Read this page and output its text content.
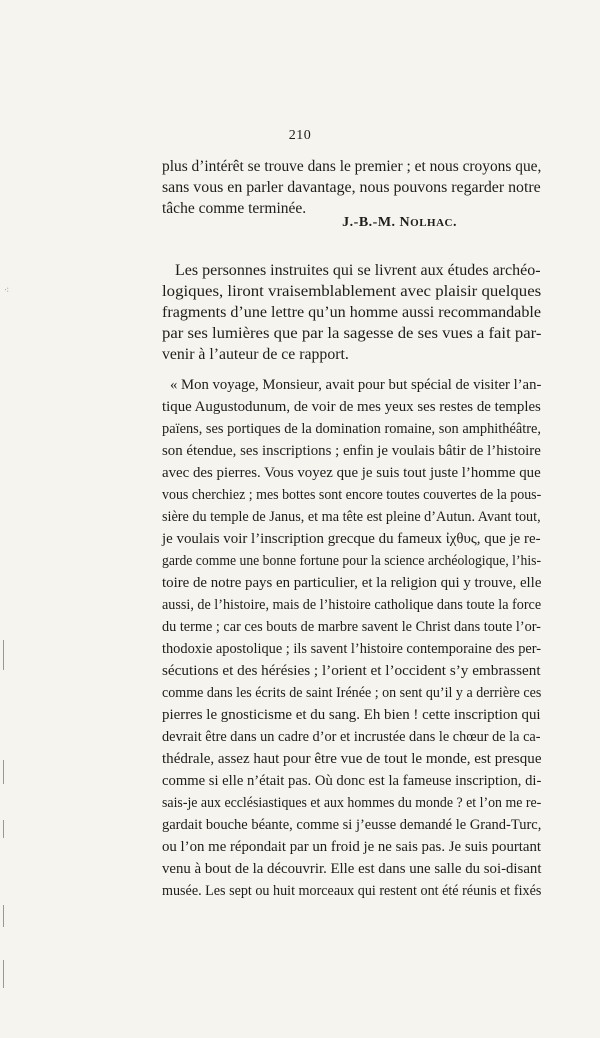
210
plus d’intérêt se trouve dans le premier ; et nous croyons que,
sans vous en parler davantage, nous pouvons regarder notre
tâche comme terminée.
J.-B.-M. NOLHAC.
Les personnes instruites qui se livrent aux études archéo-
logiques, liront vraisemblablement avec plaisir quelques
fragments d’une lettre qu’un homme aussi recommandable
par ses lumières que par la sagesse de ses vues a fait par-
venir à l’auteur de ce rapport.
« Mon voyage, Monsieur, avait pour but spécial de visiter l’an-
tique Augustodunum, de voir de mes yeux ses restes de temples
païens, ses portiques de la domination romaine, son amphithéâtre,
son étendue, ses inscriptions ; enfin je voulais bâtir de l’histoire
avec des pierres. Vous voyez que je suis tout juste l’homme que
vous cherchiez ; mes bottes sont encore toutes couvertes de la pous-
sière du temple de Janus, et ma tête est pleine d’Autun. Avant tout,
je voulais voir l’inscription grecque du fameux ἰχθυς, que je re-
garde comme une bonne fortune pour la science archéologique, l’his-
toire de notre pays en particulier, et la religion qui y trouve, elle
aussi, de l’histoire, mais de l’histoire catholique dans toute la force
du terme ; car ces bouts de marbre savent le Christ dans toute l’or-
thodoxie apostolique ; ils savent l’histoire contemporaine des per-
sécutions et des hérésies ; l’orient et l’occident s’y embrassent
comme dans les écrits de saint Irénée ; on sent qu’il y a derrière ces
pierres le gnosticisme et du sang. Eh bien ! cette inscription qui
devrait être dans un cadre d’or et incrustée dans le chœur de la ca-
thédrale, assez haut pour être vue de tout le monde, est presque
comme si elle n’était pas. Où donc est la fameuse inscription, di-
sais-je aux ecclésiastiques et aux hommes du monde ? et l’on me re-
gardait bouche béante, comme si j’eusse demandé le Grand-Turc,
ou l’on me répondait par un froid je ne sais pas. Je suis pourtant
venu à bout de la découvrir. Elle est dans une salle du soi-disant
musée. Les sept ou huit morceaux qui restent ont été réunis et fixés
⁖
